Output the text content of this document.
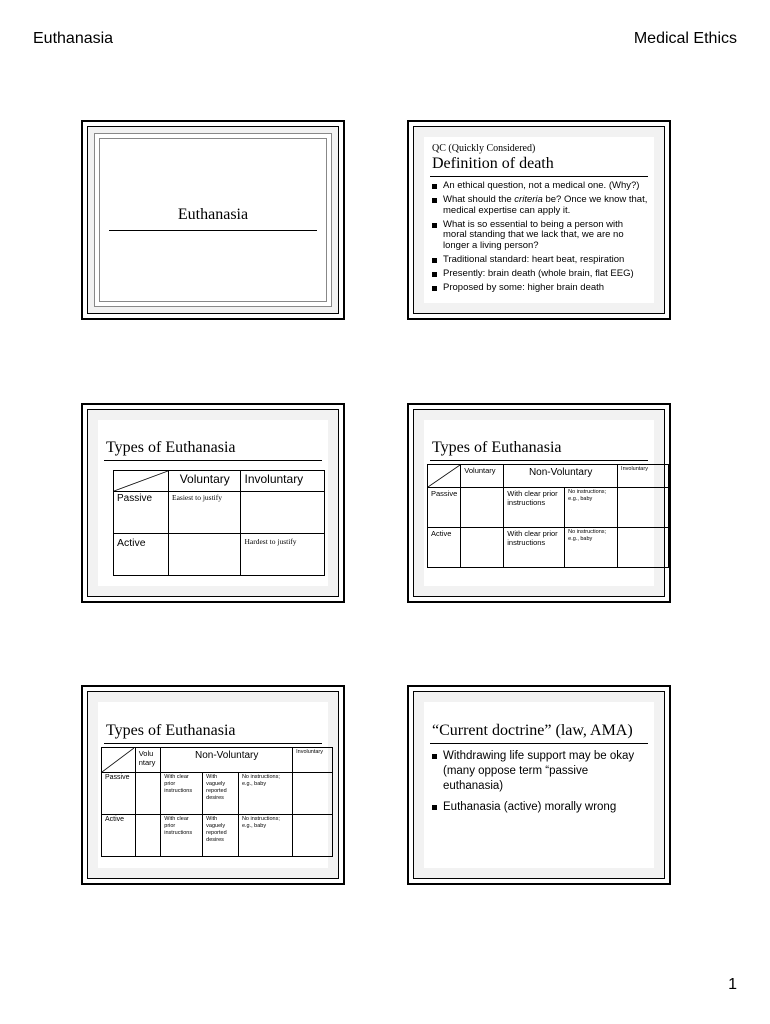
Euthanasia	Medical Ethics
Euthanasia
QC (Quickly Considered)
Definition of death
An ethical question, not a medical one. (Why?)
What should the criteria be? Once we know that, medical expertise can apply it.
What is so essential to being a person with moral standing that we lack that, we are no longer a living person?
Traditional standard: heart beat, respiration
Presently: brain death (whole brain, flat EEG)
Proposed by some: higher brain death
Types of Euthanasia
	Voluntary	Involuntary
Passive	Easiest to justify	
Active		Hardest to justify
Types of Euthanasia
	Voluntary	Non-Voluntary		Involuntary
Passive		With clear prior instructions	No instructions; e.g., baby	
Active		With clear prior instructions	No instructions; e.g., baby	
Types of Euthanasia
	Volu ntary	Non-Voluntary			Involuntary
Passive		With clear prior instructions	With vaguely reported desires	No instructions; e.g., baby	
Active		With clear prior instructions	With vaguely reported desires	No instructions; e.g., baby	
“Current doctrine” (law, AMA)
Withdrawing life support may be okay (many oppose term “passive euthanasia)
Euthanasia (active) morally wrong
1
